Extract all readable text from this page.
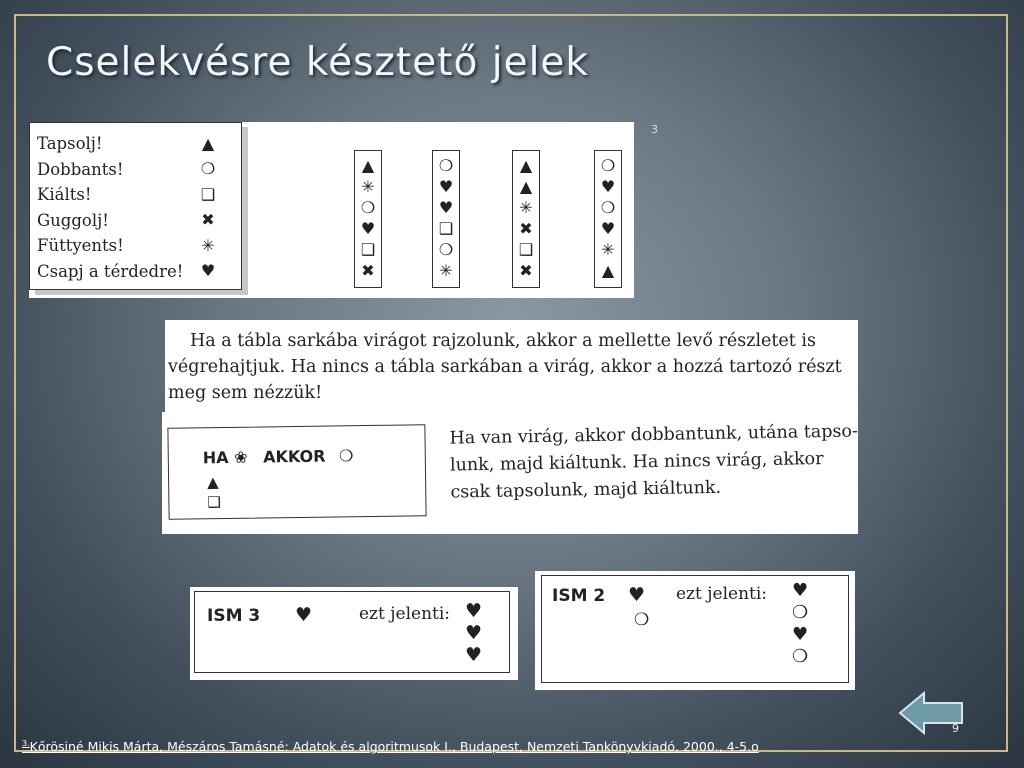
Cselekvésre késztető jelek
Tapsolj!	▲
Dobbants!	❍
Kiálts!	❑
Guggolj!	✖
Füttyents!	✳
Csapj a térdedre! ♥
▲
✳
❍
♥
❑
✖
❍
♥
♥
❑
❍
✳
▲
▲
✳
✖
❑
✖
❍
♥
❍
♥
✳
▲
3
Ha a tábla sarkába virágot rajzolunk, akkor a mellette levő részletet is
végrehajtjuk. Ha nincs a tábla sarkában a virág, akkor a hozzá tartozó részt
meg sem nézzük!
HA ❀ AKKOR ❍
▲
❑
Ha van virág, akkor dobbantunk, utána tapso-
lunk, majd kiáltunk. Ha nincs virág, akkor
csak tapsolunk, majd kiáltunk.
ISM 3 ♥	ezt jelenti: ♥
♥
♥
ISM 2 ♥
❍
ezt jelenti: ♥
❍
♥
❍
9
$^{3.}$Kőrösiné Mikis Márta, Mészáros Tamásné: Adatok és algoritmusok I., Budapest, Nemzeti Tankönyvkiadó, 2000., 4-5.o
